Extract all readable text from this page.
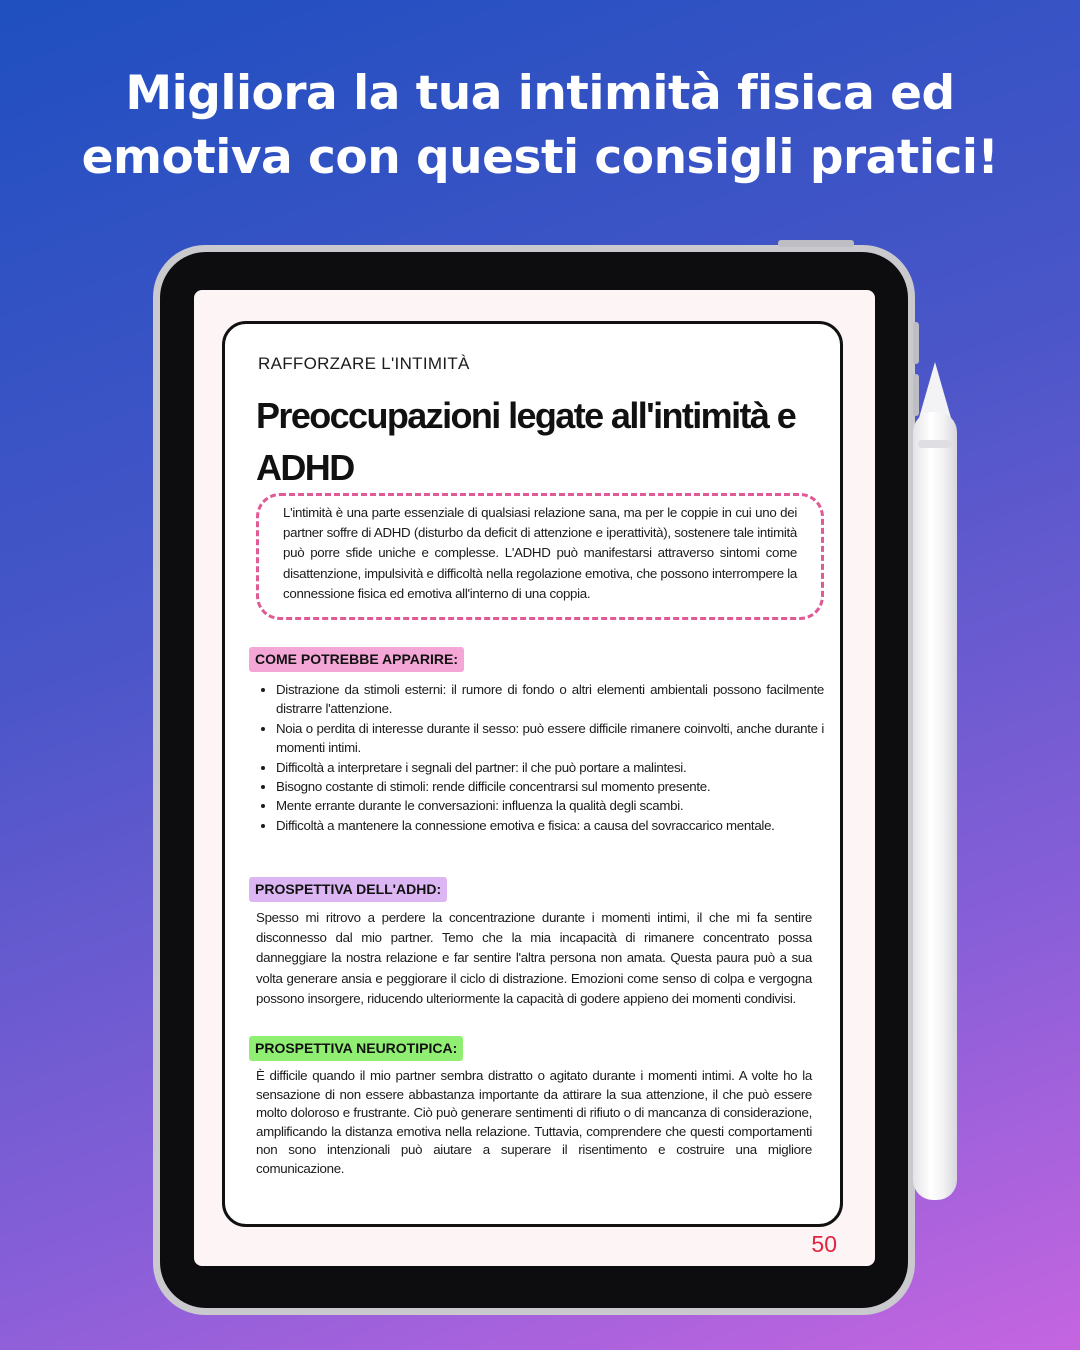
Migliora la tua intimità fisica ed
emotiva con questi consigli pratici!
RAFFORZARE L'INTIMITÀ
Preoccupazioni legate all'intimità e ADHD
L'intimità è una parte essenziale di qualsiasi relazione sana, ma per le coppie in cui uno dei partner soffre di ADHD (disturbo da deficit di attenzione e iperattività), sostenere tale intimità può porre sfide uniche e complesse. L'ADHD può manifestarsi attraverso sintomi come disattenzione, impulsività e difficoltà nella regolazione emotiva, che possono interrompere la connessione fisica ed emotiva all'interno di una coppia.
COME POTREBBE APPARIRE:
• Distrazione da stimoli esterni: il rumore di fondo o altri elementi ambientali possono facilmente distrarre l'attenzione.
• Noia o perdita di interesse durante il sesso: può essere difficile rimanere coinvolti, anche durante i momenti intimi.
• Difficoltà a interpretare i segnali del partner: il che può portare a malintesi.
• Bisogno costante di stimoli: rende difficile concentrarsi sul momento presente.
• Mente errante durante le conversazioni: influenza la qualità degli scambi.
• Difficoltà a mantenere la connessione emotiva e fisica: a causa del sovraccarico mentale.
PROSPETTIVA DELL'ADHD:

Spesso mi ritrovo a perdere la concentrazione durante i momenti intimi, il che mi fa sentire disconnesso dal mio partner. Temo che la mia incapacità di rimanere concentrato possa danneggiare la nostra relazione e far sentire l'altra persona non amata. Questa paura può a sua volta generare ansia e peggiorare il ciclo di distrazione. Emozioni come senso di colpa e vergogna possono insorgere, riducendo ulteriormente la capacità di godere appieno dei momenti condivisi.

PROSPETTIVA NEUROTIPICA:

È difficile quando il mio partner sembra distratto o agitato durante i momenti intimi. A volte ho la sensazione di non essere abbastanza importante da attirare la sua attenzione, il che può essere molto doloroso e frustrante. Ciò può generare sentimenti di rifiuto o di mancanza di considerazione, amplificando la distanza emotiva nella relazione. Tuttavia, comprendere che questi comportamenti non sono intenzionali può aiutare a superare il risentimento e costruire una migliore comunicazione.

50
